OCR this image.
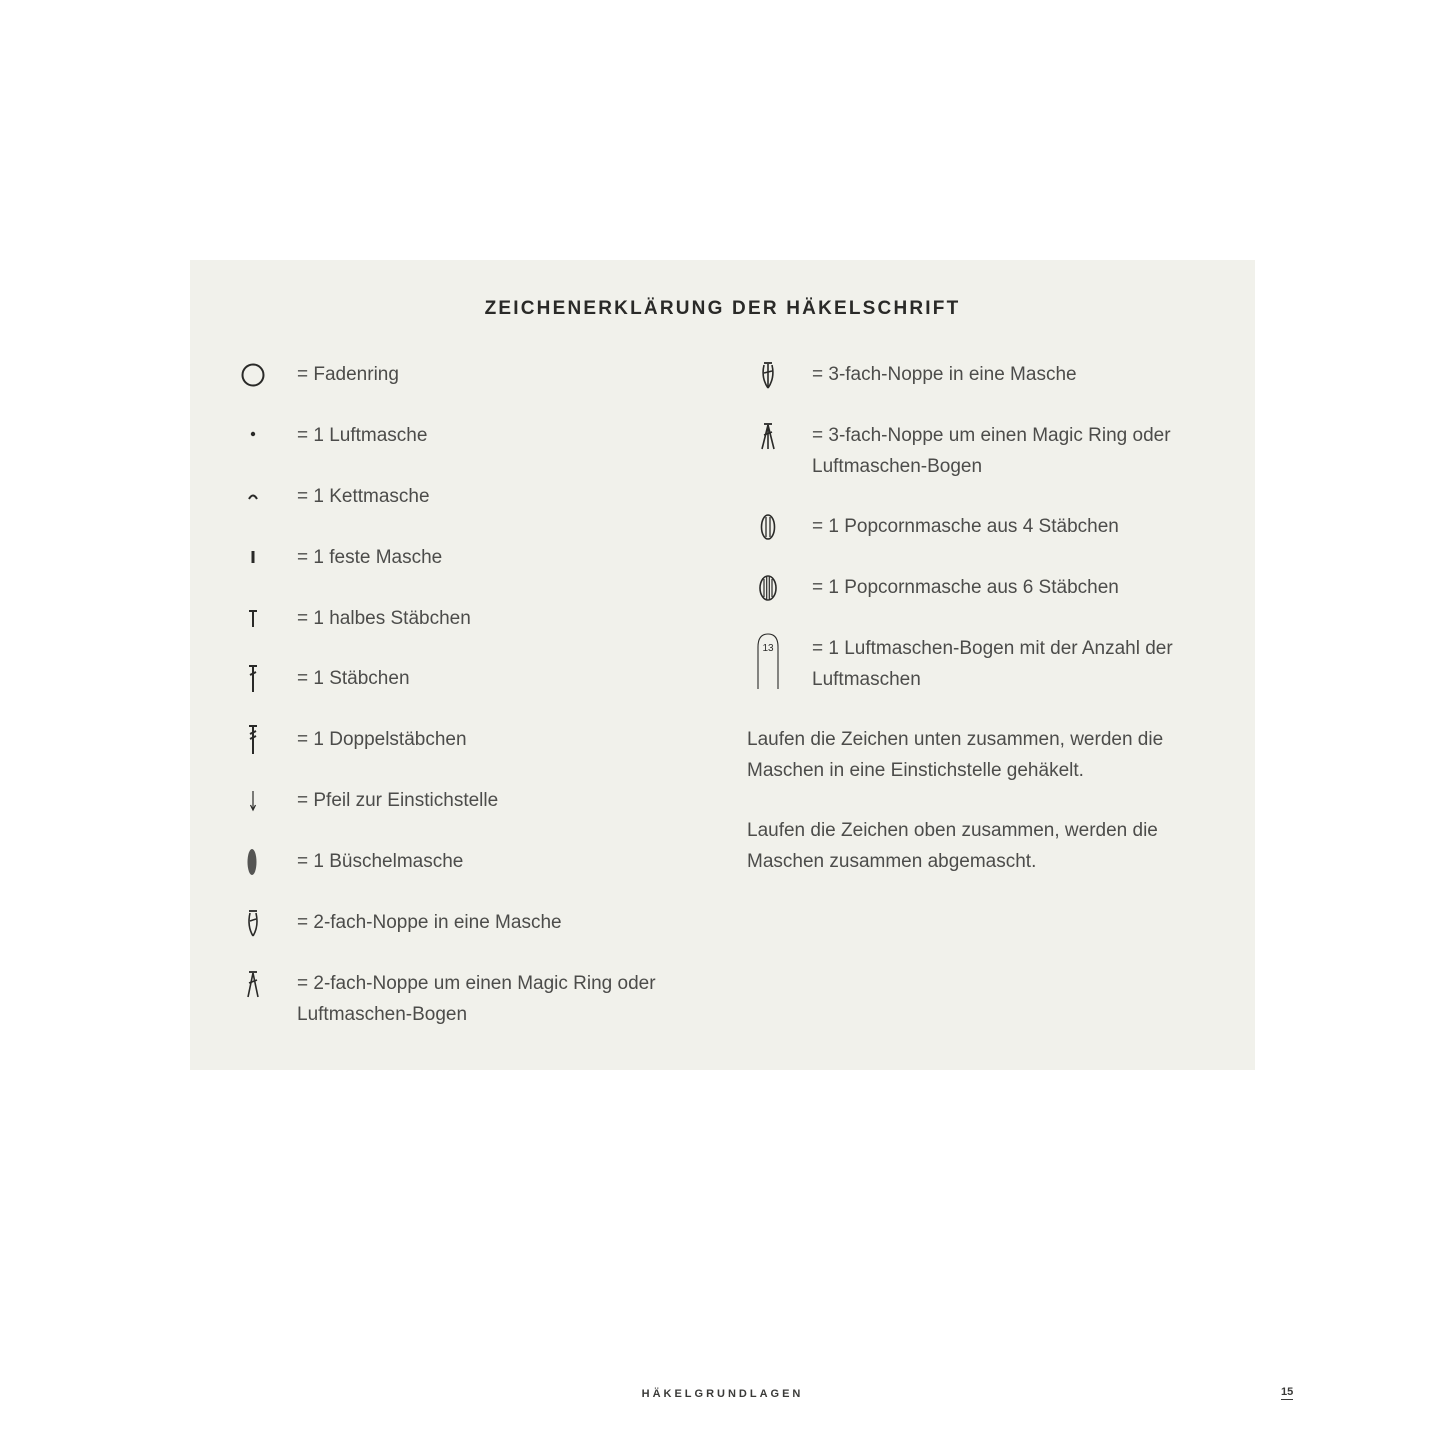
ZEICHENERKLÄRUNG DER HÄKELSCHRIFT
= Fadenring
= 1 Luftmasche
= 1 Kettmasche
= 1 feste Masche
= 1 halbes Stäbchen
= 1 Stäbchen
= 1 Doppelstäbchen
= Pfeil zur Einstichstelle
= 1 Büschelmasche
= 2-fach-Noppe in eine Masche
= 2-fach-Noppe um einen Magic Ring oder Luftmaschen-Bogen
= 3-fach-Noppe in eine Masche
= 3-fach-Noppe um einen Magic Ring oder Luftmaschen-Bogen
= 1 Popcornmasche aus 4 Stäbchen
= 1 Popcornmasche aus 6 Stäbchen
13 = 1 Luftmaschen-Bogen mit der Anzahl der Luftmaschen
Laufen die Zeichen unten zusammen, werden die Maschen in eine Einstichstelle gehäkelt.
Laufen die Zeichen oben zusammen, werden die Maschen zusammen abgemascht.
HÄKELGRUNDLAGEN	15
